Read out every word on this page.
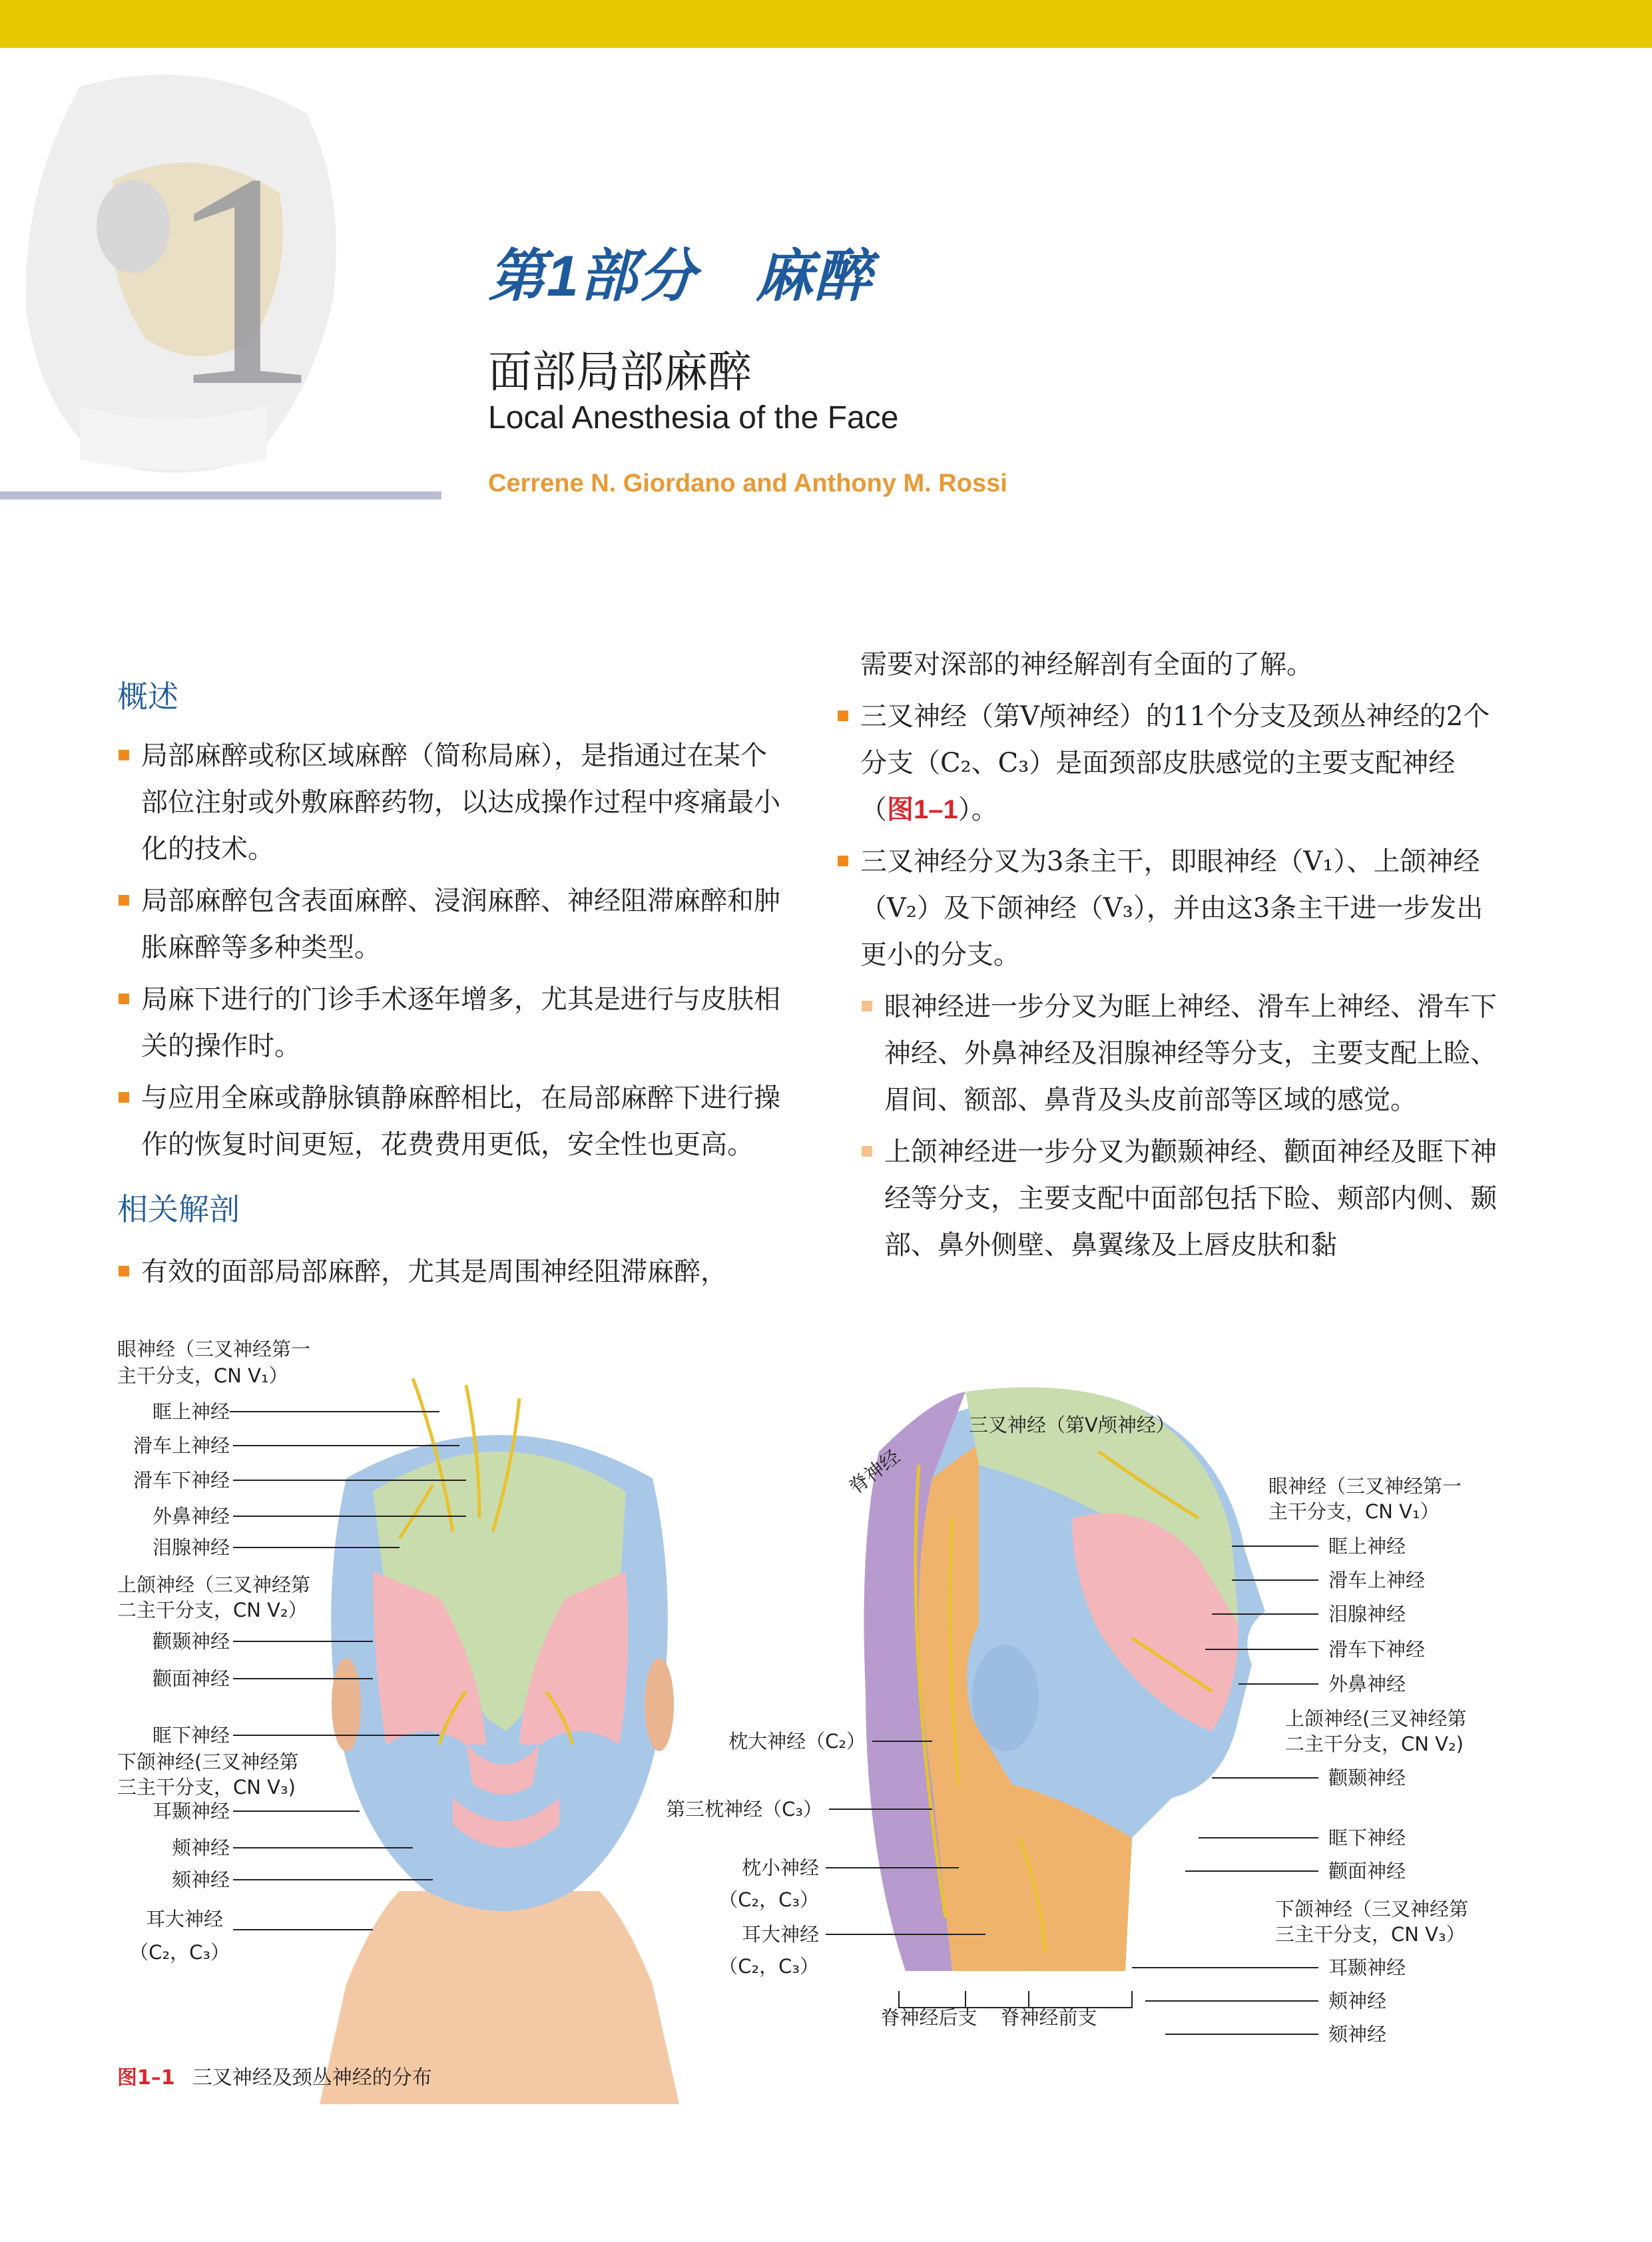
1	第1部分　麻醉
面部局部麻醉
Local Anesthesia of the Face
Cerrene N. Giordano and Anthony M. Rossi
概述

局部麻醉或称区域麻醉（简称局麻），是指通过在某个部位注射或外敷麻醉药物，以达成操作过程中疼痛最小化的技术。

局部麻醉包含表面麻醉、浸润麻醉、神经阻滞麻醉和肿胀麻醉等多种类型。

局麻下进行的门诊手术逐年增多，尤其是进行与皮肤相关的操作时。

与应用全麻或静脉镇静麻醉相比，在局部麻醉下进行操作的恢复时间更短，花费费用更低，安全性也更高。

相关解剖

有效的面部局部麻醉，尤其是周围神经阻滞麻醉，

需要对深部的神经解剖有全面的了解。

三叉神经（第Ⅴ颅神经）的11个分支及颈丛神经的2个分支（C₂、C₃）是面颈部皮肤感觉的主要支配神经（图1–1）。

三叉神经分叉为3条主干，即眼神经（V₁）、上颌神经（V₂）及下颌神经（V₃），并由这3条主干进一步发出更小的分支。

眼神经进一步分叉为眶上神经、滑车上神经、滑车下神经、外鼻神经及泪腺神经等分支，主要支配上睑、眉间、额部、鼻背及头皮前部等区域的感觉。

上颌神经进一步分叉为颧颞神经、颧面神经及眶下神经等分支，主要支配中面部包括下睑、颊部内侧、颞部、鼻外侧壁、鼻翼缘及上唇皮肤和黏

眼神经（三叉神经第一
主干分支，CN V₁）
眶上神经
滑车上神经
滑车下神经
外鼻神经
泪腺神经
上颌神经（三叉神经第
二主干分支，CN V₂）
颧颞神经
颧面神经
眶下神经
下颌神经(三叉神经第
三主干分支，CN V₃)
耳颞神经
颊神经
颏神经
耳大神经
（C₂，C₃）
三叉神经（第Ⅴ颅神经）
脊神经	眼神经（三叉神经第一
主干分支，CN V₁）
眶上神经
滑车上神经
泪腺神经
滑车下神经
外鼻神经
上颌神经(三叉神经第
二主干分支，CN V₂)
颧颞神经
眶下神经
颧面神经
下颌神经（三叉神经第
三主干分支，CN V₃）
耳颞神经
颊神经
颏神经
枕大神经（C₂）
第三枕神经（C₃）
枕小神经
（C₂，C₃）
耳大神经
（C₂，C₃）
脊神经后支 脊神经前支
图1–1 三叉神经及颈丛神经的分布
